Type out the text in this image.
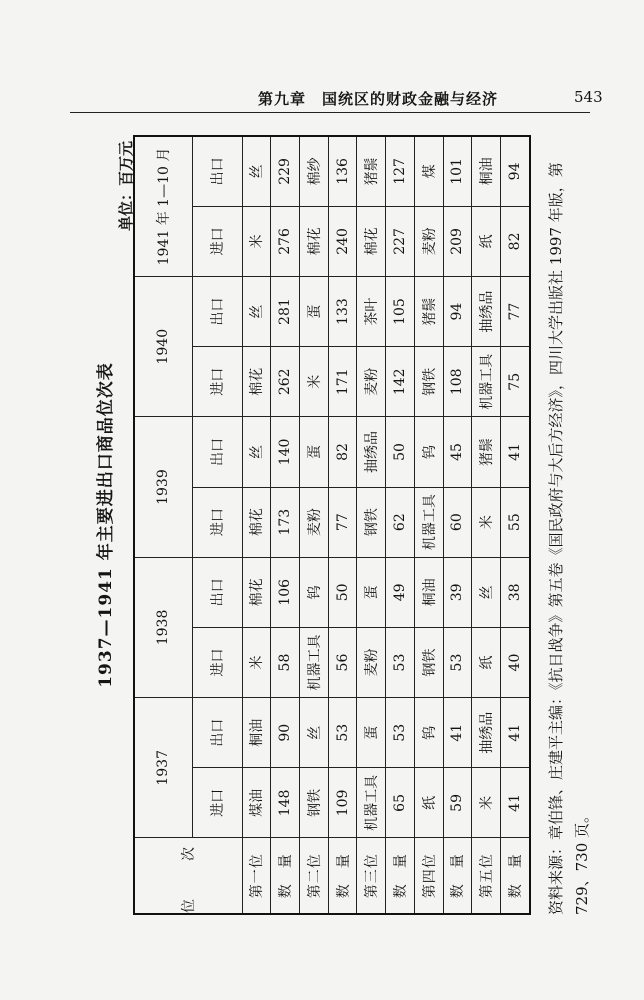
第九章　国统区的财政金融与经济	543
1937—1941 年主要进出口商品位次表
单位：百万元
位　次	1937		1938		1939		1940		1941 年 1—10 月	
	进口	出口	进口	出口	进口	出口	进口	出口	进口	出口
第一位	煤油	桐油	米	棉花	棉花	丝	棉花	丝	米	丝
数　量	148	90	58	106	173	140	262	281	276	229
第二位	钢铁	丝	机器工具	钨	麦粉	蛋	米	蛋	棉花	棉纱
数　量	109	53	56	50	77	82	171	133	240	136
第三位	机器工具	蛋	麦粉	蛋	钢铁	抽绣品	麦粉	茶叶	棉花	猪鬃
数　量	65	53	53	49	62	50	142	105	227	127
第四位	纸	钨	钢铁	桐油	机器工具	钨	钢铁	猪鬃	麦粉	煤
数　量	59	41	53	39	60	45	108	94	209	101
第五位	米	抽绣品	纸	丝	米	猪鬃	机器工具	抽绣品	纸	桐油
数　量	41	41	40	38	55	41	75	77	82	94 资料来源：章伯锋、庄建平主编：《抗日战争》第五卷《国民政府与大后方经济》，四川大学出版社 1997 年版，第 729、730 页。
